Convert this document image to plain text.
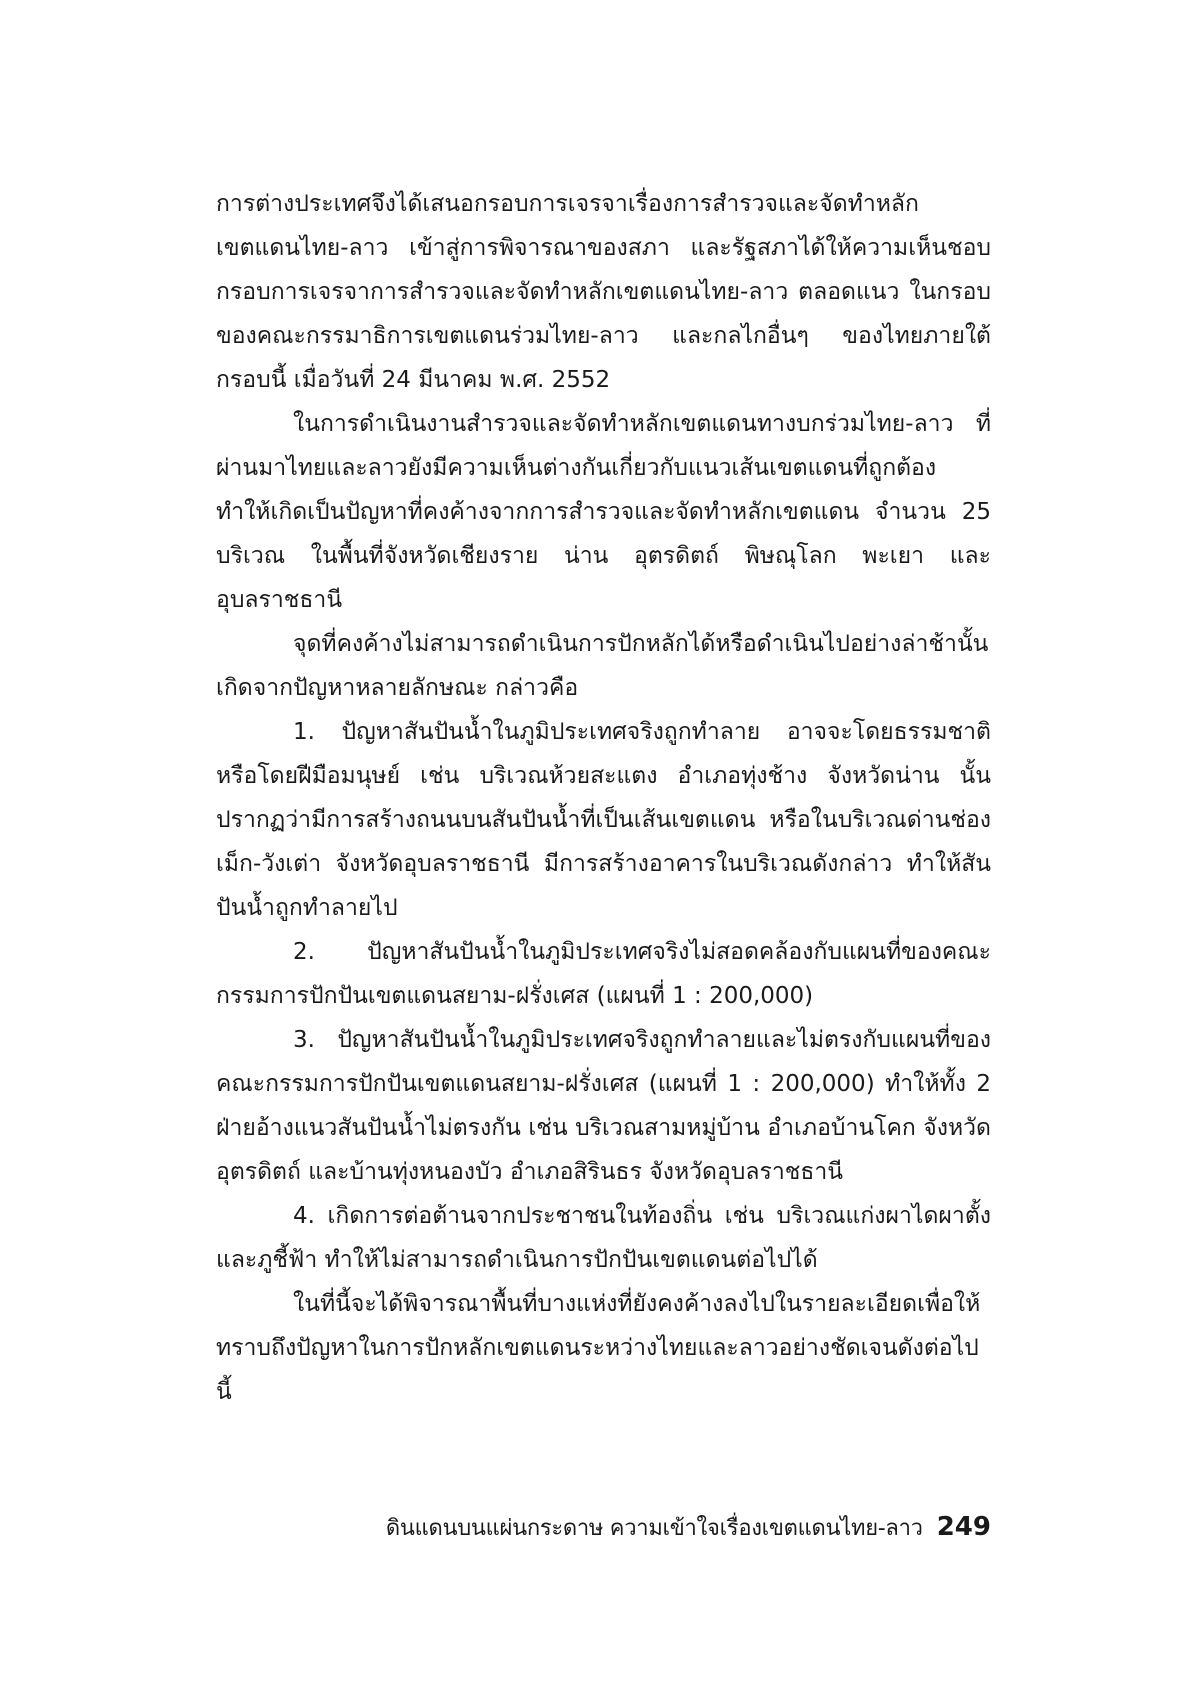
การต่างประเทศจึงได้เสนอกรอบการเจรจาเรื่องการสำรวจและจัดทำหลักเขตแดนไทย-ลาว เข้าสู่การพิจารณาของสภา และรัฐสภาได้ให้ความเห็นชอบกรอบการเจรจาการสำรวจและจัดทำหลักเขตแดนไทย-ลาว ตลอดแนว ในกรอบของคณะกรรมาธิการเขตแดนร่วมไทย-ลาว และกลไกอื่นๆ ของไทยภายใต้กรอบนี้ เมื่อวันที่ 24 มีนาคม พ.ศ. 2552

ในการดำเนินงานสำรวจและจัดทำหลักเขตแดนทางบกร่วมไทย-ลาว ที่ผ่านมาไทยและลาวยังมีความเห็นต่างกันเกี่ยวกับแนวเส้นเขตแดนที่ถูกต้อง ทำให้เกิดเป็นปัญหาที่คงค้างจากการสำรวจและจัดทำหลักเขตแดน จำนวน 25 บริเวณ ในพื้นที่จังหวัดเชียงราย น่าน อุตรดิตถ์ พิษณุโลก พะเยา และอุบลราชธานี

จุดที่คงค้างไม่สามารถดำเนินการปักหลักได้หรือดำเนินไปอย่างล่าช้านั้นเกิดจากปัญหาหลายลักษณะ กล่าวคือ

1. ปัญหาสันปันน้ำในภูมิประเทศจริงถูกทำลาย อาจจะโดยธรรมชาติหรือโดยฝีมือมนุษย์ เช่น บริเวณห้วยสะแตง อำเภอทุ่งช้าง จังหวัดน่าน นั้นปรากฏว่ามีการสร้างถนนบนสันปันน้ำที่เป็นเส้นเขตแดน หรือในบริเวณด่านช่องเม็ก-วังเต่า จังหวัดอุบลราชธานี มีการสร้างอาคารในบริเวณดังกล่าว ทำให้สันปันน้ำถูกทำลายไป

2. ปัญหาสันปันน้ำในภูมิประเทศจริงไม่สอดคล้องกับแผนที่ของคณะกรรมการปักปันเขตแดนสยาม-ฝรั่งเศส (แผนที่ 1 : 200,000)

3. ปัญหาสันปันน้ำในภูมิประเทศจริงถูกทำลายและไม่ตรงกับแผนที่ของคณะกรรมการปักปันเขตแดนสยาม-ฝรั่งเศส (แผนที่ 1 : 200,000) ทำให้ทั้ง 2 ฝ่ายอ้างแนวสันปันน้ำไม่ตรงกัน เช่น บริเวณสามหมู่บ้าน อำเภอบ้านโคก จังหวัดอุตรดิตถ์ และบ้านทุ่งหนองบัว อำเภอสิรินธร จังหวัดอุบลราชธานี

4. เกิดการต่อต้านจากประชาชนในท้องถิ่น เช่น บริเวณแก่งผาไดผาตั้ง และภูชี้ฟ้า ทำให้ไม่สามารถดำเนินการปักปันเขตแดนต่อไปได้

ในที่นี้จะได้พิจารณาพื้นที่บางแห่งที่ยังคงค้างลงไปในรายละเอียดเพื่อให้ทราบถึงปัญหาในการปักหลักเขตแดนระหว่างไทยและลาวอย่างชัดเจนดังต่อไปนี้

ดินแดนบนแผ่นกระดาษ ความเข้าใจเรื่องเขตแดนไทย-ลาว 249
